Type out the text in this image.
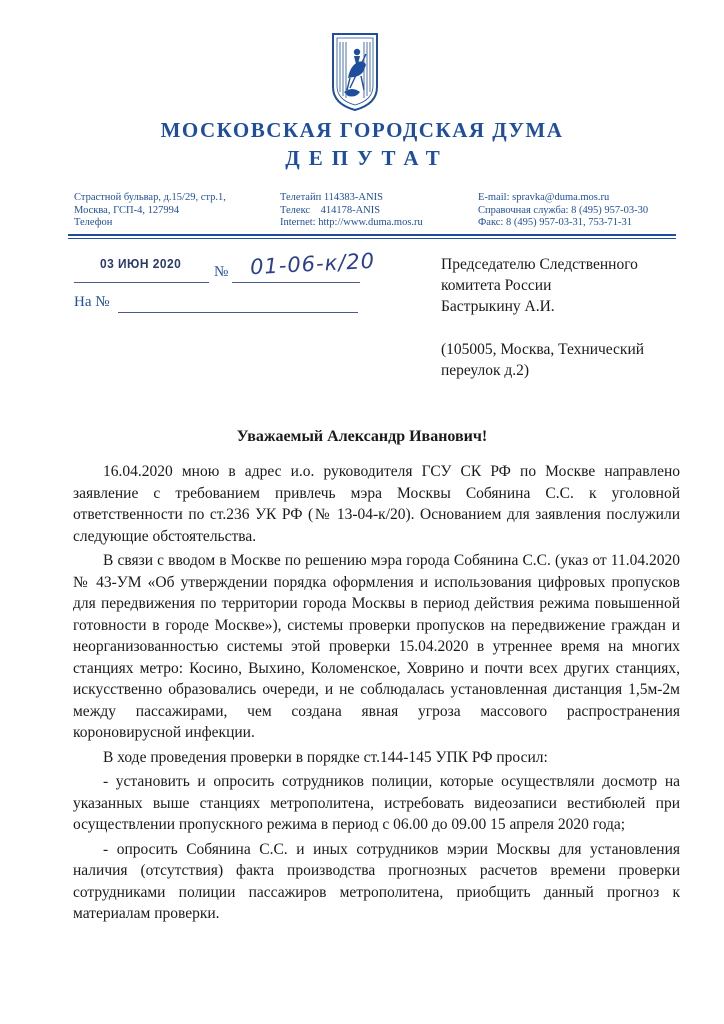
МОСКОВСКАЯ ГОРОДСКАЯ ДУМА
ДЕПУТАТ
Страстной бульвар, д.15/29, стр.1,
Москва, ГСП-4, 127994
Телефон
Телетайп 114383-ANIS
Телекс    414178-ANIS
Internet: http://www.duma.mos.ru
E-mail: spravka@duma.mos.ru
Справочная служба: 8 (495) 957-03-30
Факс: 8 (495) 957-03-31, 753-71-31
03 ИЮН 2020
№ 01-06-к/20
На №
Председателю Следственного
комитета России
Бастрыкину А.И.
(105005, Москва, Технический
переулок д.2)
Уважаемый Александр Иванович!

16.04.2020 мною в адрес и.о. руководителя ГСУ СК РФ по Москве направлено заявление с требованием привлечь мэра Москвы Собянина С.С. к уголовной ответственности по ст.236 УК РФ (№ 13-04-к/20). Основанием для заявления послужили следующие обстоятельства.

В связи с вводом в Москве по решению мэра города Собянина С.С. (указ от 11.04.2020 № 43-УМ «Об утверждении порядка оформления и использования цифровых пропусков для передвижения по территории города Москвы в период действия режима повышенной готовности в городе Москве»), системы проверки пропусков на передвижение граждан и неорганизованностью системы этой проверки 15.04.2020 в утреннее время на многих станциях метро: Косино, Выхино, Коломенское, Ховрино и почти всех других станциях, искусственно образовались очереди, и не соблюдалась установленная дистанция 1,5м-2м между пассажирами, чем создана явная угроза массового распространения короновирусной инфекции.

В ходе проведения проверки в порядке ст.144-145 УПК РФ просил:

- установить и опросить сотрудников полиции, которые осуществляли досмотр на указанных выше станциях метрополитена, истребовать видеозаписи вестибюлей при осуществлении пропускного режима в период с 06.00 до 09.00 15 апреля 2020 года;

- опросить Собянина С.С. и иных сотрудников мэрии Москвы для установления наличия (отсутствия) факта производства прогнозных расчетов времени проверки сотрудниками полиции пассажиров метрополитена, приобщить данный прогноз к материалам проверки.
